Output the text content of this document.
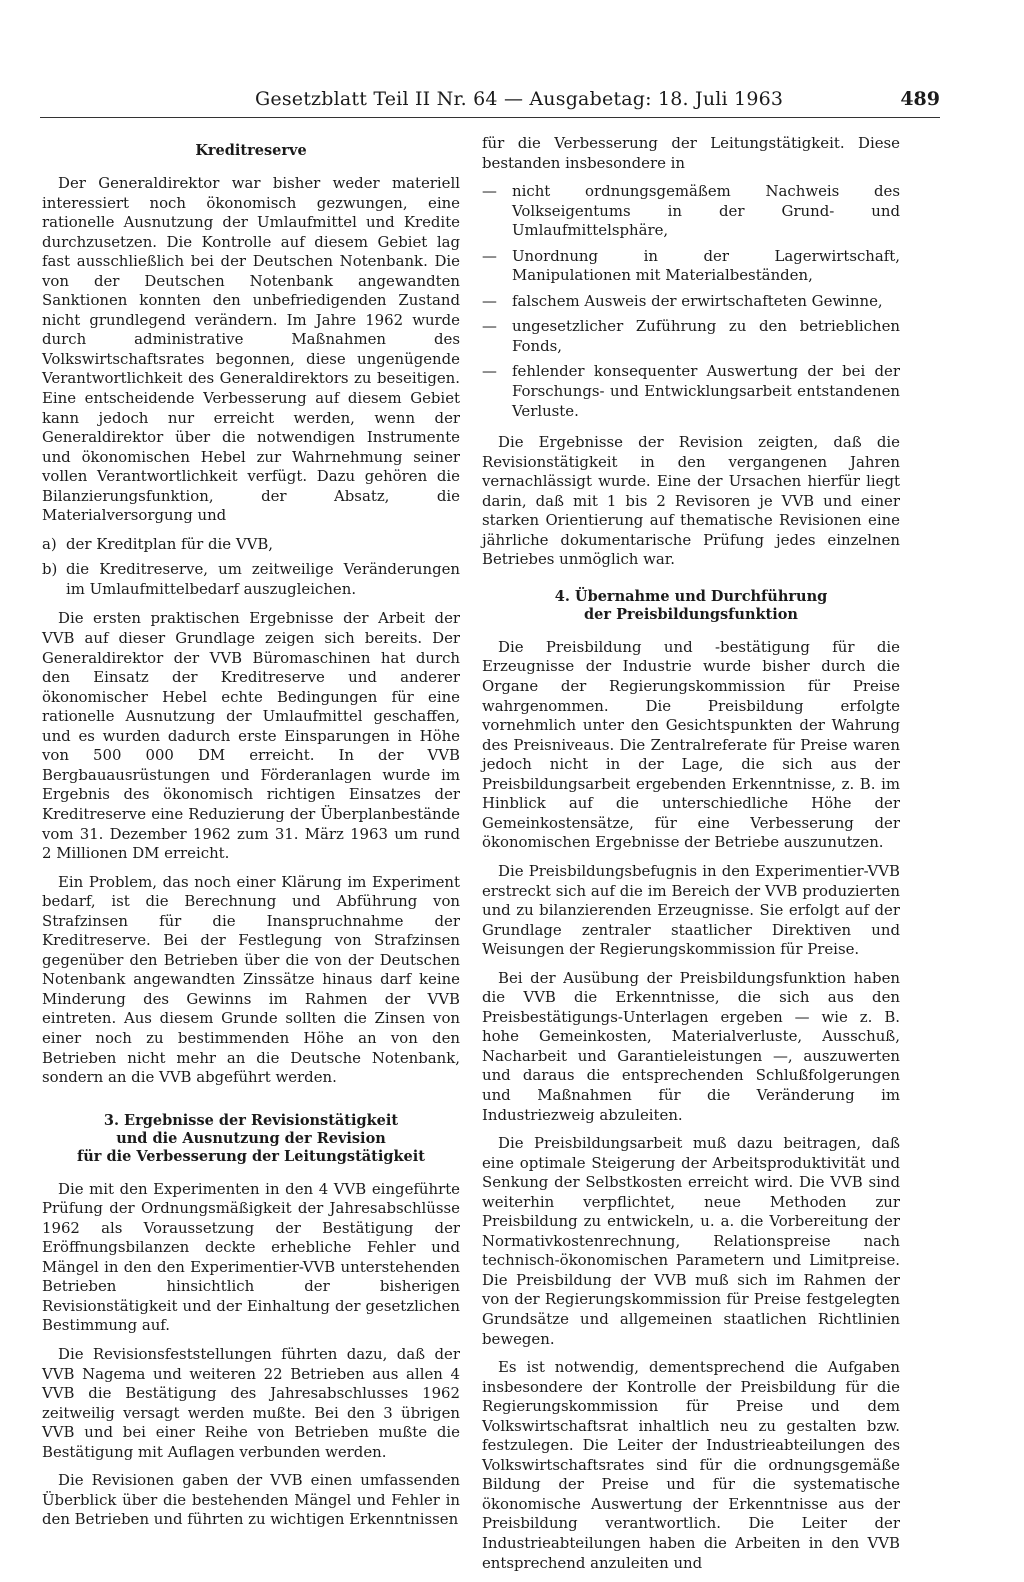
Gesetzblatt Teil II Nr. 64 — Ausgabetag: 18. Juli 1963	489
Kreditreserve

Der Generaldirektor war bisher weder materiell interessiert noch ökonomisch gezwungen, eine rationelle Ausnutzung der Umlaufmittel und Kredite durchzusetzen. Die Kontrolle auf diesem Gebiet lag fast ausschließlich bei der Deutschen Notenbank. Die von der Deutschen Notenbank angewandten Sanktionen konnten den unbefriedigenden Zustand nicht grundlegend verändern. Im Jahre 1962 wurde durch administrative Maßnahmen des Volkswirtschaftsrates begonnen, diese ungenügende Verantwortlichkeit des Generaldirektors zu beseitigen. Eine entscheidende Verbesserung auf diesem Gebiet kann jedoch nur erreicht werden, wenn der Generaldirektor über die notwendigen Instrumente und ökonomischen Hebel zur Wahrnehmung seiner vollen Verantwortlichkeit verfügt. Dazu gehören die Bilanzierungsfunktion, der Absatz, die Materialversorgung und

a) der Kreditplan für die VVB,
b) die Kreditreserve, um zeitweilige Veränderungen im Umlaufmittelbedarf auszugleichen.

Die ersten praktischen Ergebnisse der Arbeit der VVB auf dieser Grundlage zeigen sich bereits. Der Generaldirektor der VVB Büromaschinen hat durch den Einsatz der Kreditreserve und anderer ökonomischer Hebel echte Bedingungen für eine rationelle Ausnutzung der Umlaufmittel geschaffen, und es wurden dadurch erste Einsparungen in Höhe von 500 000 DM erreicht. In der VVB Bergbauausrüstungen und Förderanlagen wurde im Ergebnis des ökonomisch richtigen Einsatzes der Kreditreserve eine Reduzierung der Überplanbestände vom 31. Dezember 1962 zum 31. März 1963 um rund 2 Millionen DM erreicht.

Ein Problem, das noch einer Klärung im Experiment bedarf, ist die Berechnung und Abführung von Strafzinsen für die Inanspruchnahme der Kreditreserve. Bei der Festlegung von Strafzinsen gegenüber den Betrieben über die von der Deutschen Notenbank angewandten Zinssätze hinaus darf keine Minderung des Gewinns im Rahmen der VVB eintreten. Aus diesem Grunde sollten die Zinsen von einer noch zu bestimmenden Höhe an von den Betrieben nicht mehr an die Deutsche Notenbank, sondern an die VVB abgeführt werden.

3. Ergebnisse der Revisionstätigkeit
und die Ausnutzung der Revision
für die Verbesserung der Leitungstätigkeit

Die mit den Experimenten in den 4 VVB eingeführte Prüfung der Ordnungsmäßigkeit der Jahresabschlüsse 1962 als Voraussetzung der Bestätigung der Eröffnungsbilanzen deckte erhebliche Fehler und Mängel in den den Experimentier-VVB unterstehenden Betrieben hinsichtlich der bisherigen Revisionstätigkeit und der Einhaltung der gesetzlichen Bestimmung auf.

Die Revisionsfeststellungen führten dazu, daß der VVB Nagema und weiteren 22 Betrieben aus allen 4 VVB die Bestätigung des Jahresabschlusses 1962 zeitweilig versagt werden mußte. Bei den 3 übrigen VVB und bei einer Reihe von Betrieben mußte die Bestätigung mit Auflagen verbunden werden.

Die Revisionen gaben der VVB einen umfassenden Überblick über die bestehenden Mängel und Fehler in den Betrieben und führten zu wichtigen Erkenntnissen

für die Verbesserung der Leitungstätigkeit. Diese bestanden insbesondere in

— nicht ordnungsgemäßem Nachweis des Volkseigentums in der Grund- und Umlaufmittelsphäre,
— Unordnung in der Lagerwirtschaft, Manipulationen mit Materialbeständen,
— falschem Ausweis der erwirtschafteten Gewinne,
— ungesetzlicher Zuführung zu den betrieblichen Fonds,
— fehlender konsequenter Auswertung der bei der Forschungs- und Entwicklungsarbeit entstandenen Verluste.

Die Ergebnisse der Revision zeigten, daß die Revisionstätigkeit in den vergangenen Jahren vernachlässigt wurde. Eine der Ursachen hierfür liegt darin, daß mit 1 bis 2 Revisoren je VVB und einer starken Orientierung auf thematische Revisionen eine jährliche dokumentarische Prüfung jedes einzelnen Betriebes unmöglich war.

4. Übernahme und Durchführung
der Preisbildungsfunktion

Die Preisbildung und -bestätigung für die Erzeugnisse der Industrie wurde bisher durch die Organe der Regierungskommission für Preise wahrgenommen. Die Preisbildung erfolgte vornehmlich unter den Gesichtspunkten der Wahrung des Preisniveaus. Die Zentralreferate für Preise waren jedoch nicht in der Lage, die sich aus der Preisbildungsarbeit ergebenden Erkenntnisse, z. B. im Hinblick auf die unterschiedliche Höhe der Gemeinkostensätze, für eine Verbesserung der ökonomischen Ergebnisse der Betriebe auszunutzen.

Die Preisbildungsbefugnis in den Experimentier-VVB erstreckt sich auf die im Bereich der VVB produzierten und zu bilanzierenden Erzeugnisse. Sie erfolgt auf der Grundlage zentraler staatlicher Direktiven und Weisungen der Regierungskommission für Preise.

Bei der Ausübung der Preisbildungsfunktion haben die VVB die Erkenntnisse, die sich aus den Preisbestätigungs-Unterlagen ergeben — wie z. B. hohe Gemeinkosten, Materialverluste, Ausschuß, Nacharbeit und Garantieleistungen —, auszuwerten und daraus die entsprechenden Schlußfolgerungen und Maßnahmen für die Veränderung im Industriezweig abzuleiten.

Die Preisbildungsarbeit muß dazu beitragen, daß eine optimale Steigerung der Arbeitsproduktivität und Senkung der Selbstkosten erreicht wird. Die VVB sind weiterhin verpflichtet, neue Methoden zur Preisbildung zu entwickeln, u. a. die Vorbereitung der Normativkostenrechnung, Relationspreise nach technisch-ökonomischen Parametern und Limitpreise. Die Preisbildung der VVB muß sich im Rahmen der von der Regierungskommission für Preise festgelegten Grundsätze und allgemeinen staatlichen Richtlinien bewegen.

Es ist notwendig, dementsprechend die Aufgaben insbesondere der Kontrolle der Preisbildung für die Regierungskommission für Preise und dem Volkswirtschaftsrat inhaltlich neu zu gestalten bzw. festzulegen. Die Leiter der Industrieabteilungen des Volkswirtschaftsrates sind für die ordnungsgemäße Bildung der Preise und für die systematische ökonomische Auswertung der Erkenntnisse aus der Preisbildung verantwortlich. Die Leiter der Industrieabteilungen haben die Arbeiten in den VVB entsprechend anzuleiten und
